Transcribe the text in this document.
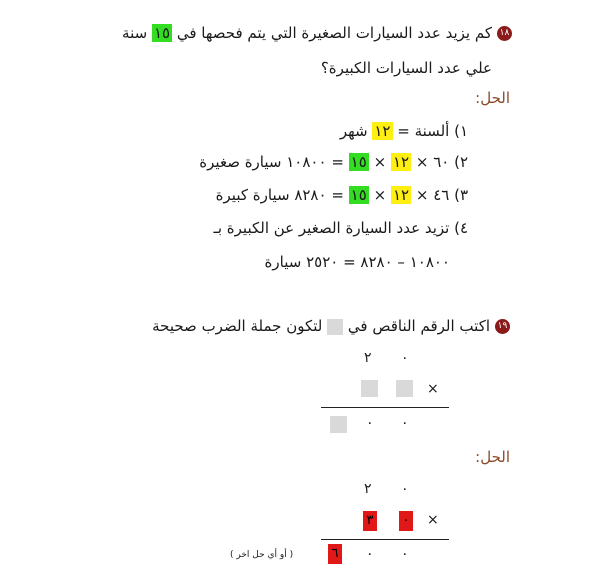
١٨كم يزيد عدد السيارات الصغيرة التي يتم فحصها في ١٥ سنة
علي عدد السيارات الكبيرة؟
الحل:
١) ألسنة = ١٢ شهر
٢) ٦٠ × ١٢ × ١٥ = ١٠٨٠٠ سيارة صغيرة
٣) ٤٦ × ١٢ × ١٥ = ٨٢٨٠ سيارة كبيرة
٤) تزيد عدد السيارة الصغير عن الكبيرة بـ
١٠٨٠٠ – ٨٢٨٠ = ٢٥٢٠ سيارة
١٩اكتب الرقم الناقص في  لتكون جملة الضرب صحيحة
٢ ٠
×
٠ ٠
الحل:
٢ ٠
٣ ٠ ×
٦ ٠ ٠
( أو أي حل اخر )
